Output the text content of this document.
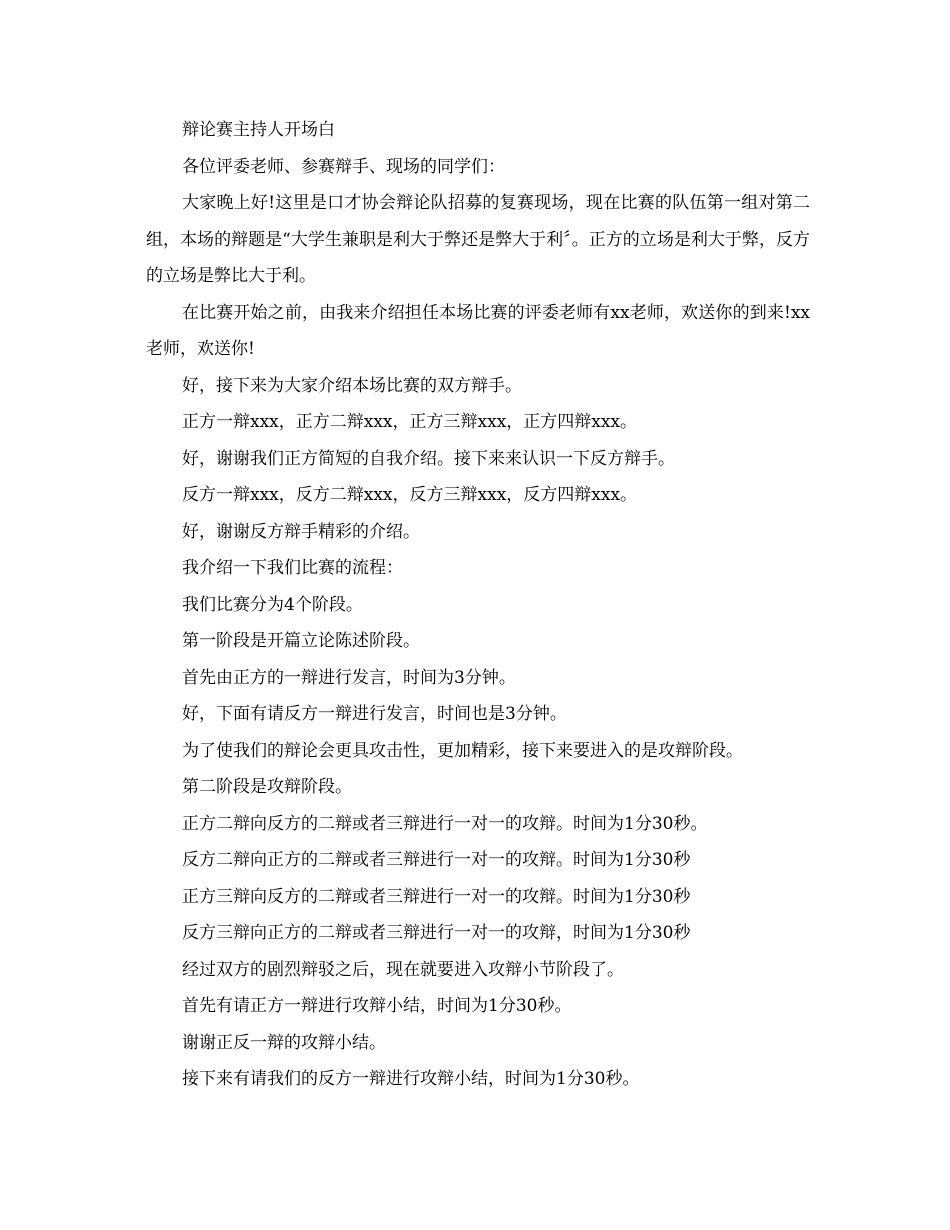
辩论赛主持人开场白

各位评委老师、参赛辩手、现场的同学们：

大家晚上好!这里是口才协会辩论队招募的复赛现场，现在比赛的队伍第一组对第二组，本场的辩题是“大学生兼职是利大于弊还是弊大于利〞。正方的立场是利大于弊，反方的立场是弊比大于利。

在比赛开始之前，由我来介绍担任本场比赛的评委老师有xx老师，欢送你的到来!xx老师，欢送你!

好，接下来为大家介绍本场比赛的双方辩手。

正方一辩xxx，正方二辩xxx，正方三辩xxx，正方四辩xxx。

好，谢谢我们正方简短的自我介绍。接下来来认识一下反方辩手。

反方一辩xxx，反方二辩xxx，反方三辩xxx，反方四辩xxx。

好，谢谢反方辩手精彩的介绍。

我介绍一下我们比赛的流程：

我们比赛分为4个阶段。

第一阶段是开篇立论陈述阶段。

首先由正方的一辩进行发言，时间为3分钟。

好，下面有请反方一辩进行发言，时间也是3分钟。

为了使我们的辩论会更具攻击性，更加精彩，接下来要进入的是攻辩阶段。

第二阶段是攻辩阶段。

正方二辩向反方的二辩或者三辩进行一对一的攻辩。时间为1分30秒。

反方二辩向正方的二辩或者三辩进行一对一的攻辩。时间为1分30秒

正方三辩向反方的二辩或者三辩进行一对一的攻辩。时间为1分30秒

反方三辩向正方的二辩或者三辩进行一对一的攻辩，时间为1分30秒

经过双方的剧烈辩驳之后，现在就要进入攻辩小节阶段了。

首先有请正方一辩进行攻辩小结，时间为1分30秒。

谢谢正反一辩的攻辩小结。

接下来有请我们的反方一辩进行攻辩小结，时间为1分30秒。
